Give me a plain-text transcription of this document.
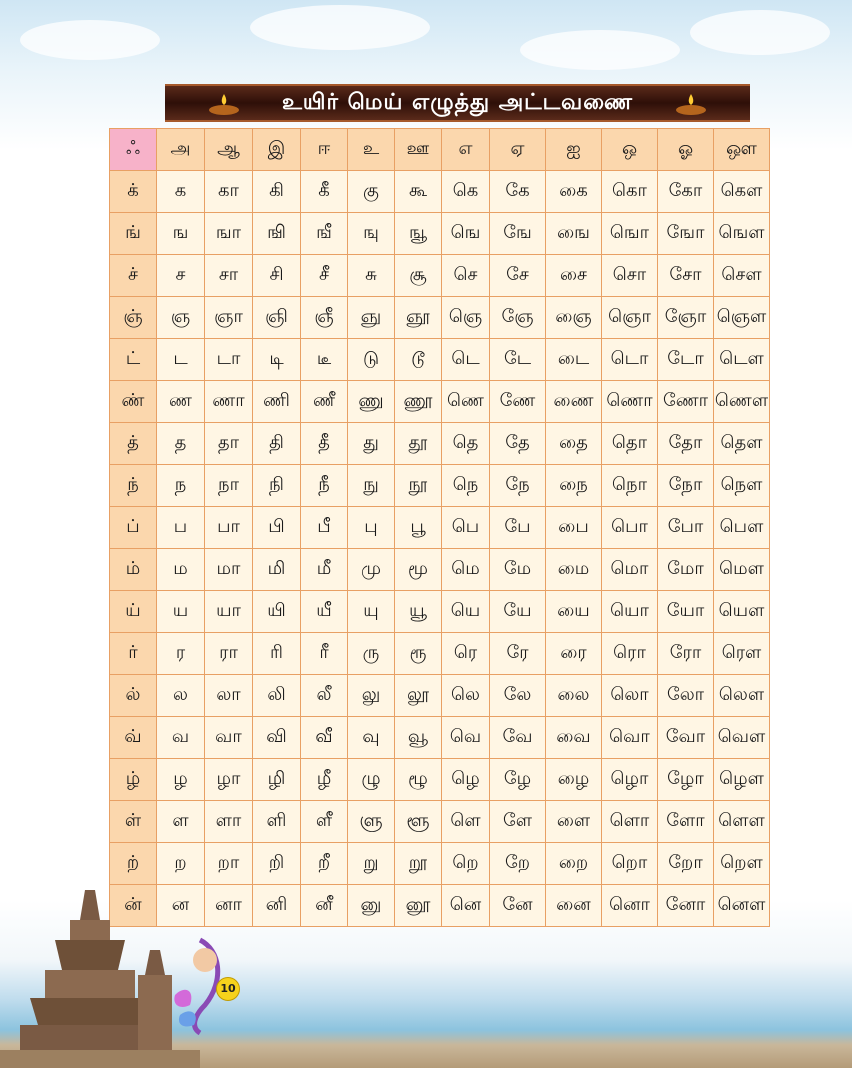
உயிர் மெய் எழுத்து அட்டவணை
ஃ	அ	ஆ	இ	ஈ	உ	ஊ	எ	ஏ	ஐ	ஒ	ஓ	ஔ
க்	க	கா	கி	கீ	கு	கூ	கெ	கே	கை	கொ	கோ	கௌ
ங்	ங	ஙா	ஙி	ஙீ	ஙு	ஙூ	ஙெ	ஙே	ஙை	ஙொ	ஙோ	ஙௌ
ச்	ச	சா	சி	சீ	சு	சூ	செ	சே	சை	சொ	சோ	சௌ
ஞ்	ஞ	ஞா	ஞி	ஞீ	ஞு	ஞூ	ஞெ	ஞே	ஞை	ஞொ	ஞோ	ஞௌ
ட்	ட	டா	டி	டீ	டு	டூ	டெ	டே	டை	டொ	டோ	டௌ
ண்	ண	ணா	ணி	ணீ	ணு	ணூ	ணெ	ணே	ணை	ணொ	ணோ	ணௌ
த்	த	தா	தி	தீ	து	தூ	தெ	தே	தை	தொ	தோ	தௌ
ந்	ந	நா	நி	நீ	நு	நூ	நெ	நே	நை	நொ	நோ	நௌ
ப்	ப	பா	பி	பீ	பு	பூ	பெ	பே	பை	பொ	போ	பௌ
ம்	ம	மா	மி	மீ	மு	மூ	மெ	மே	மை	மொ	மோ	மௌ
ய்	ய	யா	யி	யீ	யு	யூ	யெ	யே	யை	யொ	யோ	யௌ
ர்	ர	ரா	ரி	ரீ	ரு	ரூ	ரெ	ரே	ரை	ரொ	ரோ	ரௌ
ல்	ல	லா	லி	லீ	லு	லூ	லெ	லே	லை	லொ	லோ	லௌ
வ்	வ	வா	வி	வீ	வு	வூ	வெ	வே	வை	வொ	வோ	வௌ
ழ்	ழ	ழா	ழி	ழீ	ழு	ழூ	ழெ	ழே	ழை	ழொ	ழோ	ழௌ
ள்	ள	ளா	ளி	ளீ	ளு	ளூ	ளெ	ளே	ளை	ளொ	ளோ	ளௌ
ற்	ற	றா	றி	றீ	று	றூ	றெ	றே	றை	றொ	றோ	றௌ
ன்	ன	னா	னி	னீ	னு	னூ	னெ	னே	னை	னொ	னோ	னௌ
10
